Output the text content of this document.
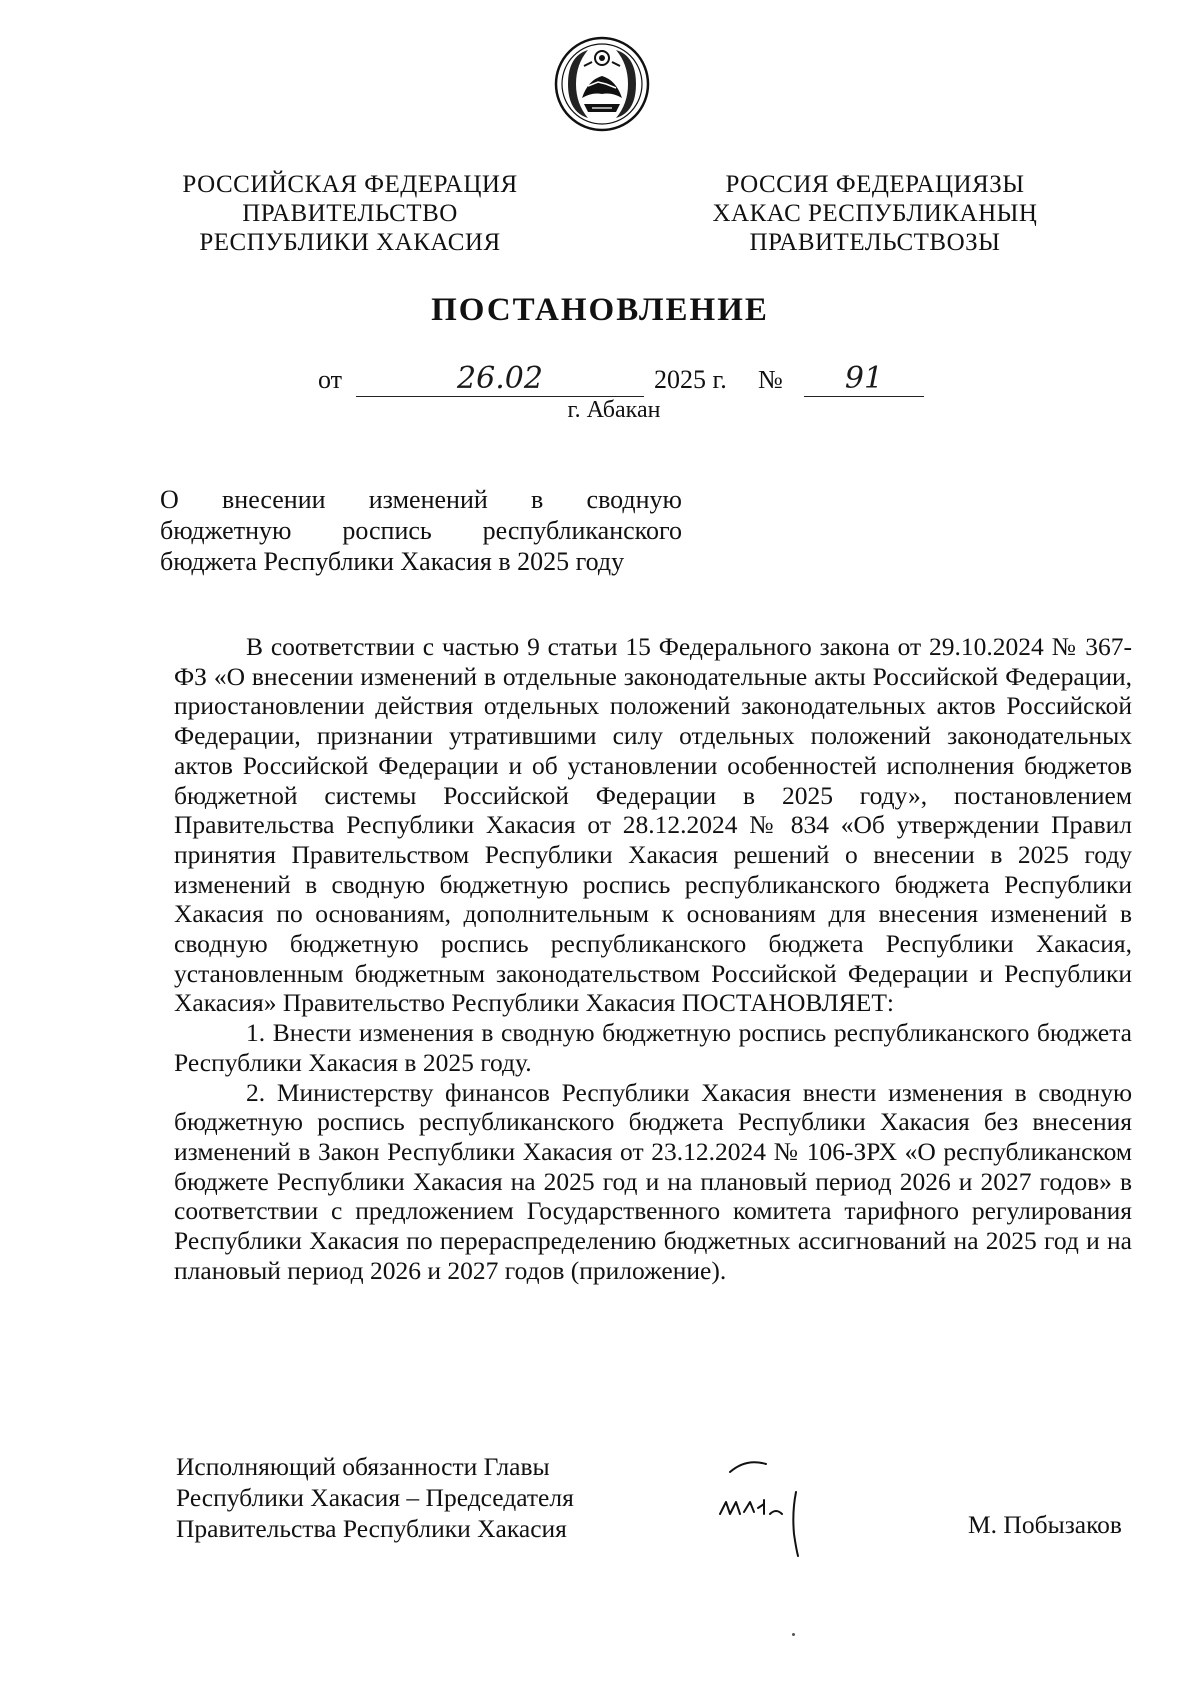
РОССИЙСКАЯ ФЕДЕРАЦИЯ
ПРАВИТЕЛЬСТВО
РЕСПУБЛИКИ ХАКАСИЯ
РОССИЯ ФЕДЕРАЦИЯЗЫ
ХАКАС РЕСПУБЛИКАНЫҢ
ПРАВИТЕЛЬСТВОЗЫ
ПОСТАНОВЛЕНИЕ
от	26.02	2025 г. №	91
г. Абакан
О внесении изменений в сводную
бюджетную роспись республиканского
бюджета Республики Хакасия в 2025 году

В соответствии с частью 9 статьи 15 Федерального закона от 29.10.2024 № 367-ФЗ «О внесении изменений в отдельные законодательные акты Российской Федерации, приостановлении действия отдельных положений законодательных актов Российской Федерации, признании утратившими силу отдельных положений законодательных актов Российской Федерации и об установлении особенностей исполнения бюджетов бюджетной системы Российской Федерации в 2025 году», постановлением Правительства Республики Хакасия от 28.12.2024 № 834 «Об утверждении Правил принятия Правительством Республики Хакасия решений о внесении в 2025 году изменений в сводную бюджетную роспись республиканского бюджета Республики Хакасия по основаниям, дополнительным к основаниям для внесения изменений в сводную бюджетную роспись республиканского бюджета Республики Хакасия, установленным бюджетным законодательством Российской Федерации и Республики Хакасия» Правительство Республики Хакасия ПОСТАНОВЛЯЕТ:

1. Внести изменения в сводную бюджетную роспись республиканского бюджета Республики Хакасия в 2025 году.

2. Министерству финансов Республики Хакасия внести изменения в сводную бюджетную роспись республиканского бюджета Республики Хакасия без внесения изменений в Закон Республики Хакасия от 23.12.2024 № 106-ЗРХ «О республиканском бюджете Республики Хакасия на 2025 год и на плановый период 2026 и 2027 годов» в соответствии с предложением Государственного комитета тарифного регулирования Республики Хакасия по перераспределению бюджетных ассигнований на 2025 год и на плановый период 2026 и 2027 годов (приложение).

Исполняющий обязанности Главы
Республики Хакасия – Председателя
Правительства Республики Хакасия	М. Побызаков
